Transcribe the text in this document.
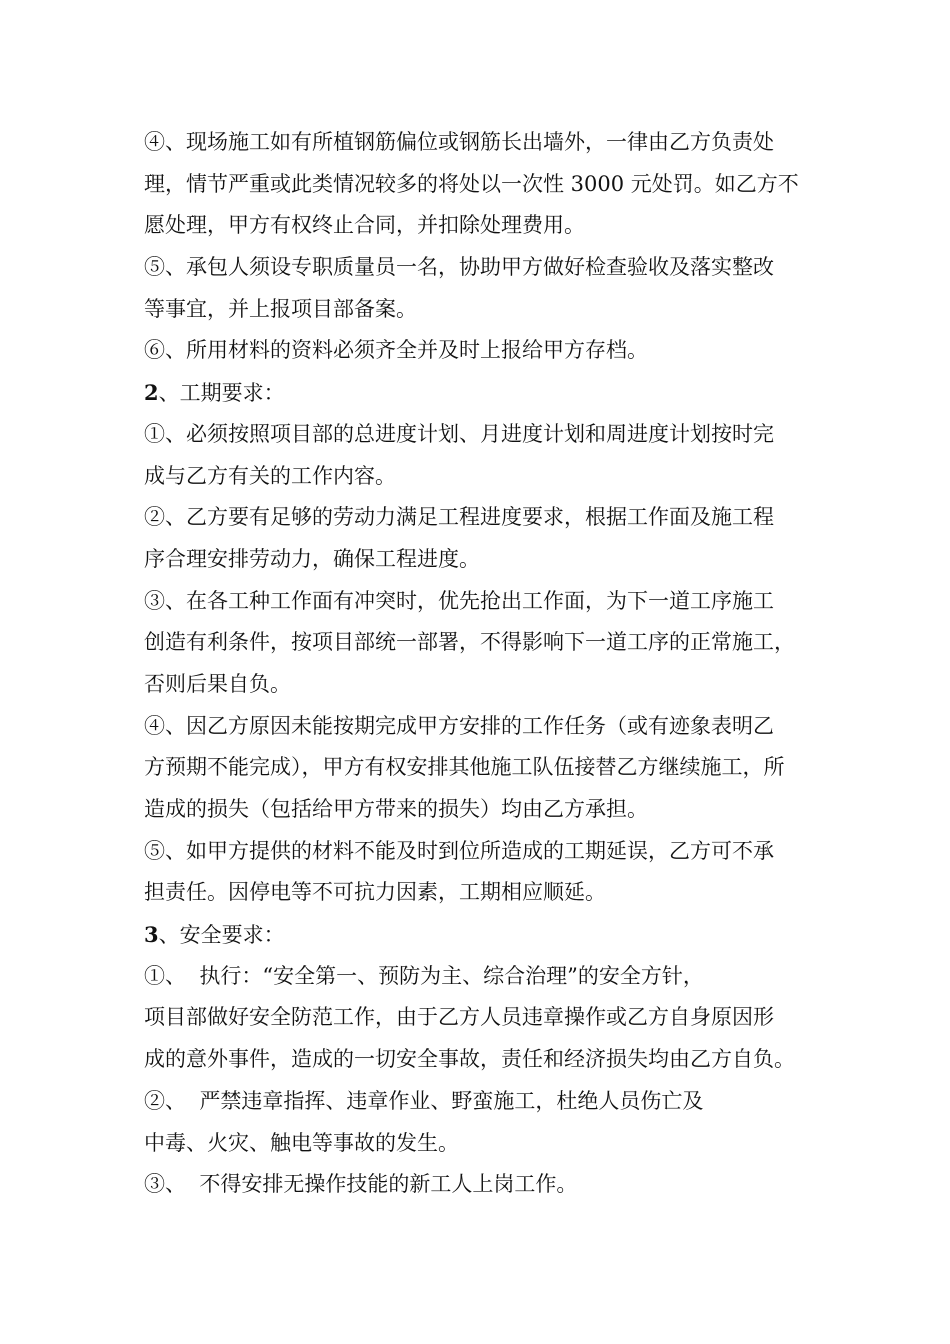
④、现场施工如有所植钢筋偏位或钢筋长出墙外，一律由乙方负责处
理，情节严重或此类情况较多的将处以一次性 3000 元处罚。如乙方不
愿处理，甲方有权终止合同，并扣除处理费用。
⑤、承包人须设专职质量员一名，协助甲方做好检查验收及落实整改
等事宜，并上报项目部备案。
⑥、所用材料的资料必须齐全并及时上报给甲方存档。
2、工期要求：
①、必须按照项目部的总进度计划、月进度计划和周进度计划按时完
成与乙方有关的工作内容。
②、乙方要有足够的劳动力满足工程进度要求，根据工作面及施工程
序合理安排劳动力，确保工程进度。
③、在各工种工作面有冲突时，优先抢出工作面，为下一道工序施工
创造有利条件，按项目部统一部署，不得影响下一道工序的正常施工，
否则后果自负。
④、因乙方原因未能按期完成甲方安排的工作任务（或有迹象表明乙
方预期不能完成），甲方有权安排其他施工队伍接替乙方继续施工，所
造成的损失（包括给甲方带来的损失）均由乙方承担。
⑤、如甲方提供的材料不能及时到位所造成的工期延误，乙方可不承
担责任。因停电等不可抗力因素，工期相应顺延。
3、安全要求：
①、  执行：“安全第一、预防为主、综合治理”的安全方针，
项目部做好安全防范工作，由于乙方人员违章操作或乙方自身原因形
成的意外事件，造成的一切安全事故，责任和经济损失均由乙方自负。
②、  严禁违章指挥、违章作业、野蛮施工，杜绝人员伤亡及
中毒、火灾、触电等事故的发生。
③、  不得安排无操作技能的新工人上岗工作。
